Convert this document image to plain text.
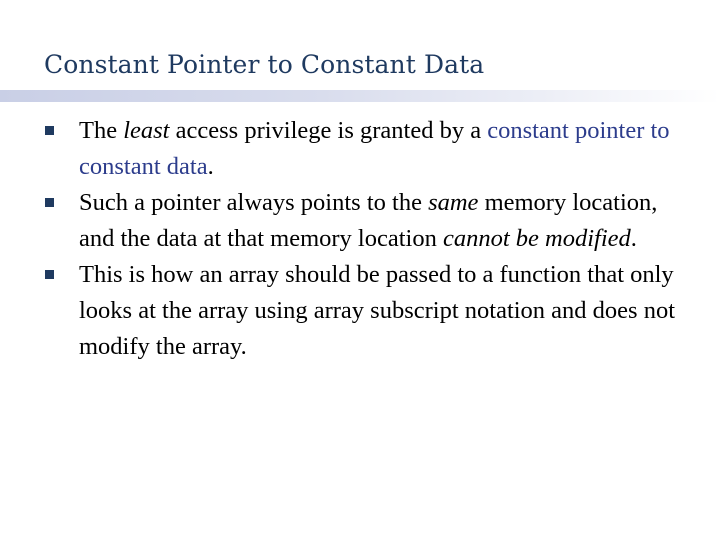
Constant Pointer to Constant Data
The least access privilege is granted by a constant pointer to constant data.
Such a pointer always points to the same memory location, and the data at that memory location cannot be modified.
This is how an array should be passed to a function that only looks at the array using array subscript notation and does not modify the array.
